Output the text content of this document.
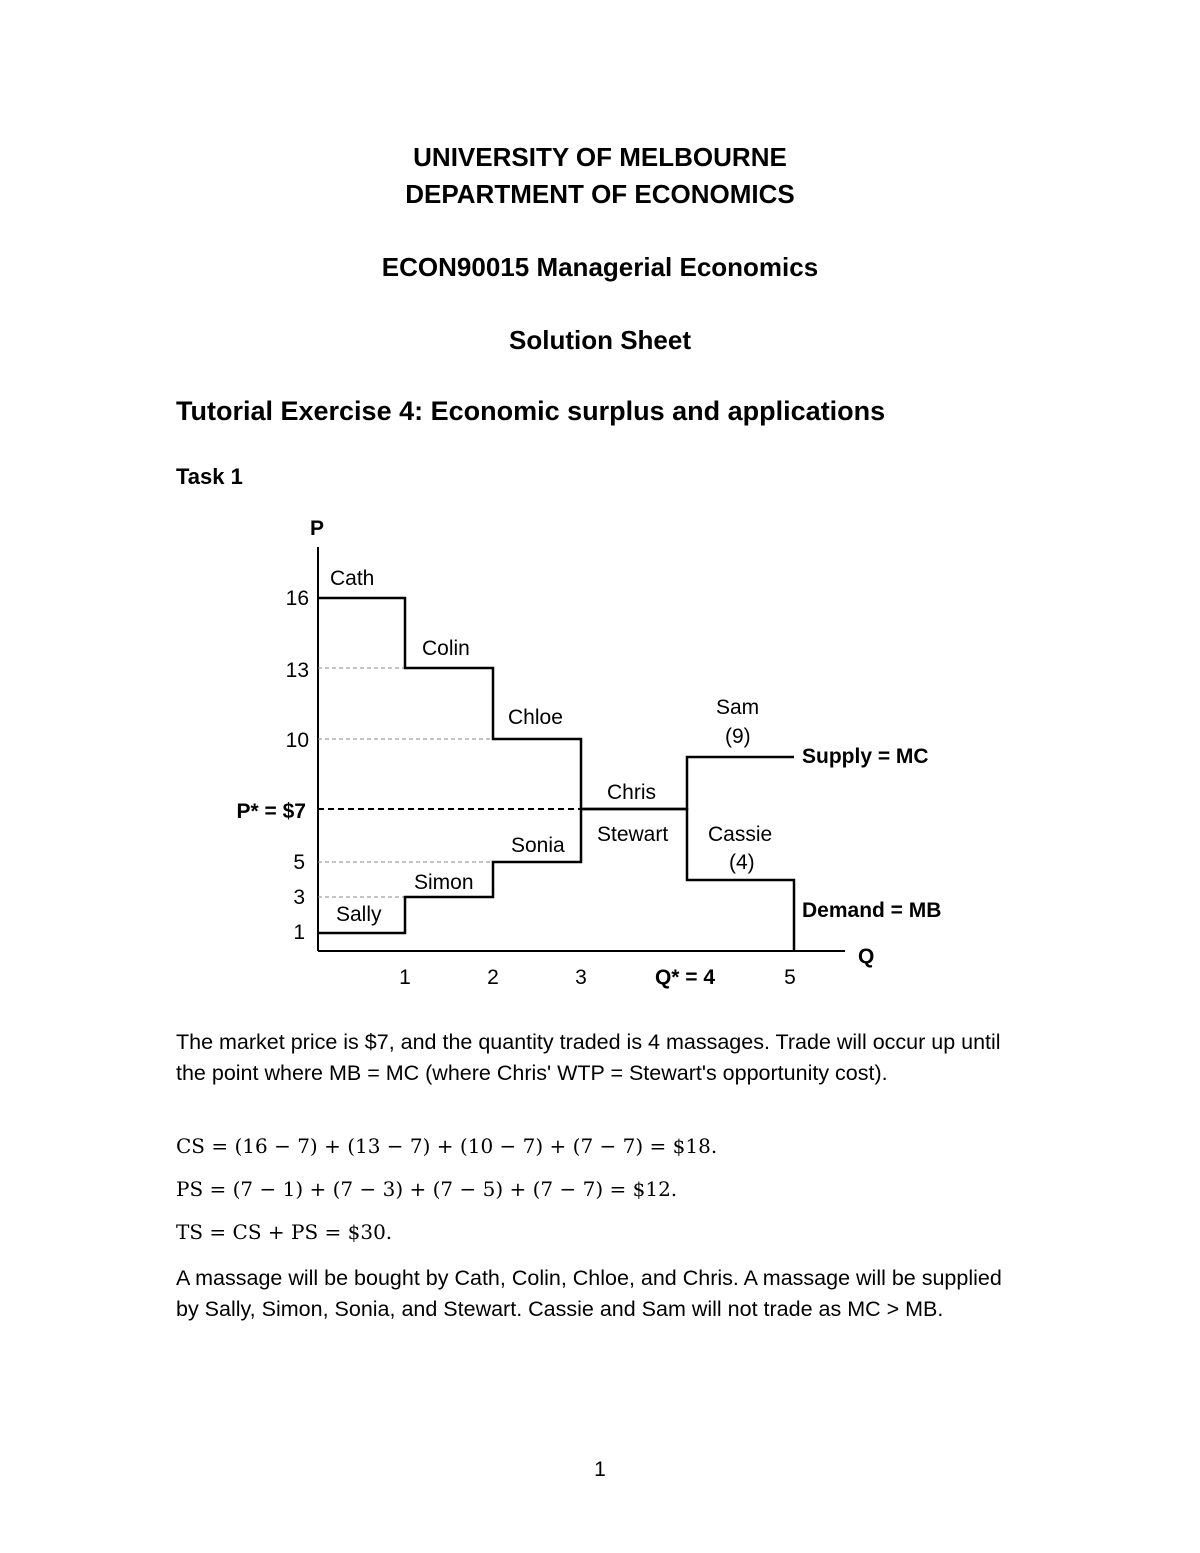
UNIVERSITY OF MELBOURNE
DEPARTMENT OF ECONOMICS
ECON90015 Managerial Economics
Solution Sheet
Tutorial Exercise 4: Economic surplus and applications
Task 1
P
Q
16
13
10
P* = $7
5
3
1
1	2	3	Q* = 4	5
Cath
Colin
Chloe
Chris
Cassie
(4)
Sally
Simon
Sonia Stewart
Sam
(9)
Supply = MC
Demand = MB
The market price is $7, and the quantity traded is 4 massages. Trade will occur up until the point where MB = MC (where Chris' WTP = Stewart's opportunity cost).
CS = (16 − 7) + (13 − 7) + (10 − 7) + (7 − 7) = $18.
PS = (7 − 1) + (7 − 3) + (7 − 5) + (7 − 7) = $12.
TS = CS + PS = $30.
A massage will be bought by Cath, Colin, Chloe, and Chris. A massage will be supplied by Sally, Simon, Sonia, and Stewart. Cassie and Sam will not trade as MC > MB.
1
